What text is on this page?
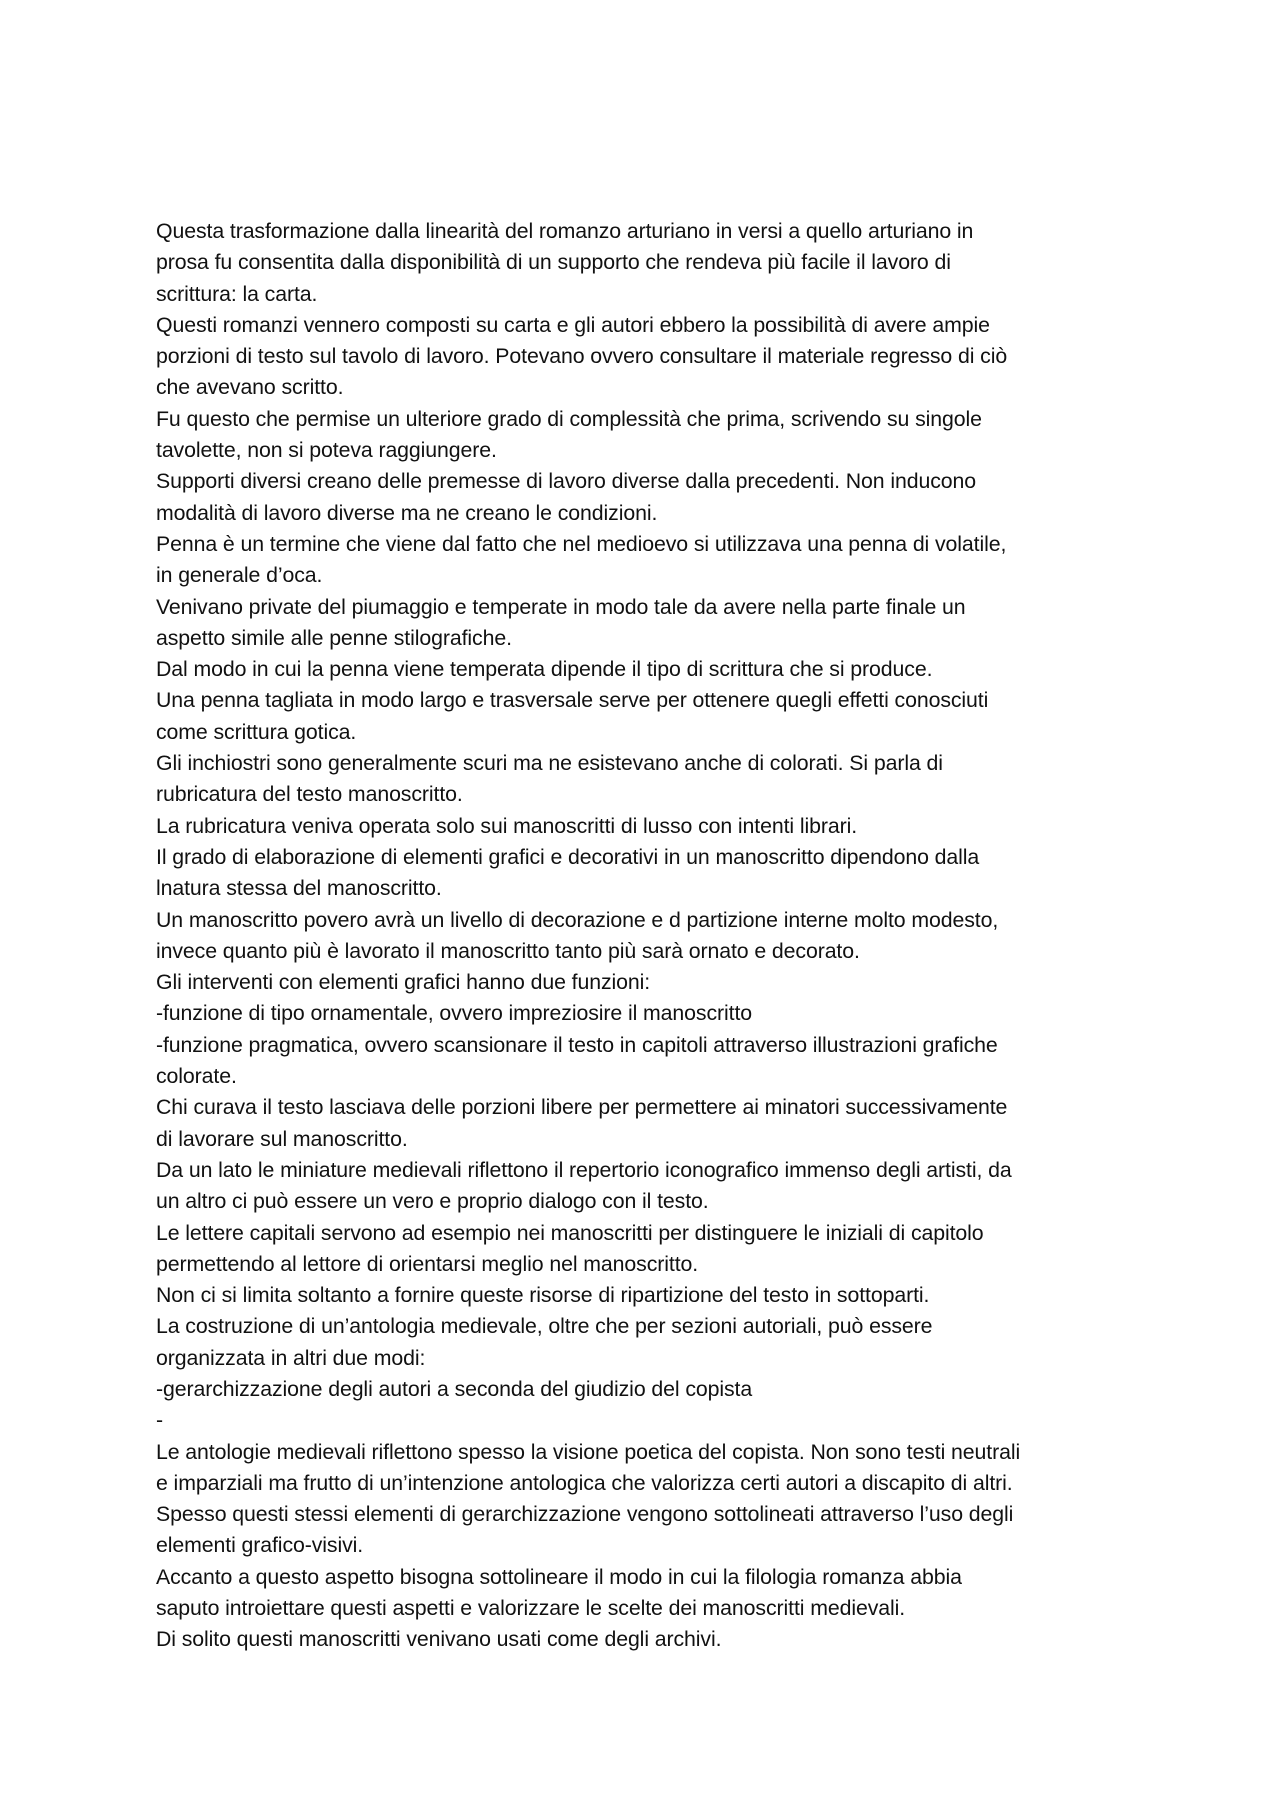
Questa trasformazione dalla linearità del romanzo arturiano in versi a quello arturiano in
prosa fu consentita dalla disponibilità di un supporto che rendeva più facile il lavoro di
scrittura: la carta.
Questi romanzi vennero composti su carta e gli autori ebbero la possibilità di avere ampie
porzioni di testo sul tavolo di lavoro. Potevano ovvero consultare il materiale regresso di ciò
che avevano scritto.
Fu questo che permise un ulteriore grado di complessità che prima, scrivendo su singole
tavolette, non si poteva raggiungere.
Supporti diversi creano delle premesse di lavoro diverse dalla precedenti. Non inducono
modalità di lavoro diverse ma ne creano le condizioni.
Penna è un termine che viene dal fatto che nel medioevo si utilizzava una penna di volatile,
in generale d’oca.
Venivano private del piumaggio e temperate in modo tale da avere nella parte finale un
aspetto simile alle penne stilografiche.
Dal modo in cui la penna viene temperata dipende il tipo di scrittura che si produce.
Una penna tagliata in modo largo e trasversale serve per ottenere quegli effetti conosciuti
come scrittura gotica.
Gli inchiostri sono generalmente scuri ma ne esistevano anche di colorati. Si parla di
rubricatura del testo manoscritto.
La rubricatura veniva operata solo sui manoscritti di lusso con intenti librari.
Il grado di elaborazione di elementi grafici e decorativi in un manoscritto dipendono dalla
lnatura stessa del manoscritto.
Un manoscritto povero avrà un livello di decorazione e d partizione interne molto modesto,
invece quanto più è lavorato il manoscritto tanto più sarà ornato e decorato.
Gli interventi con elementi grafici hanno due funzioni:
-funzione di tipo ornamentale, ovvero impreziosire il manoscritto
-funzione pragmatica, ovvero scansionare il testo in capitoli attraverso illustrazioni grafiche
colorate.
Chi curava il testo lasciava delle porzioni libere per permettere ai minatori successivamente
di lavorare sul manoscritto.
Da un lato le miniature medievali riflettono il repertorio iconografico immenso degli artisti, da
un altro ci può essere un vero e proprio dialogo con il testo.
Le lettere capitali servono ad esempio nei manoscritti per distinguere le iniziali di capitolo
permettendo al lettore di orientarsi meglio nel manoscritto.
Non ci si limita soltanto a fornire queste risorse di ripartizione del testo in sottoparti.
La costruzione di un’antologia medievale, oltre che per sezioni autoriali, può essere
organizzata in altri due modi:
-gerarchizzazione degli autori a seconda del giudizio del copista
-
Le antologie medievali riflettono spesso la visione poetica del copista. Non sono testi neutrali
e imparziali ma frutto di un’intenzione antologica che valorizza certi autori a discapito di altri.
Spesso questi stessi elementi di gerarchizzazione vengono sottolineati attraverso l’uso degli
elementi grafico-visivi.
Accanto a questo aspetto bisogna sottolineare il modo in cui la filologia romanza abbia
saputo introiettare questi aspetti e valorizzare le scelte dei manoscritti medievali.
Di solito questi manoscritti venivano usati come degli archivi.
